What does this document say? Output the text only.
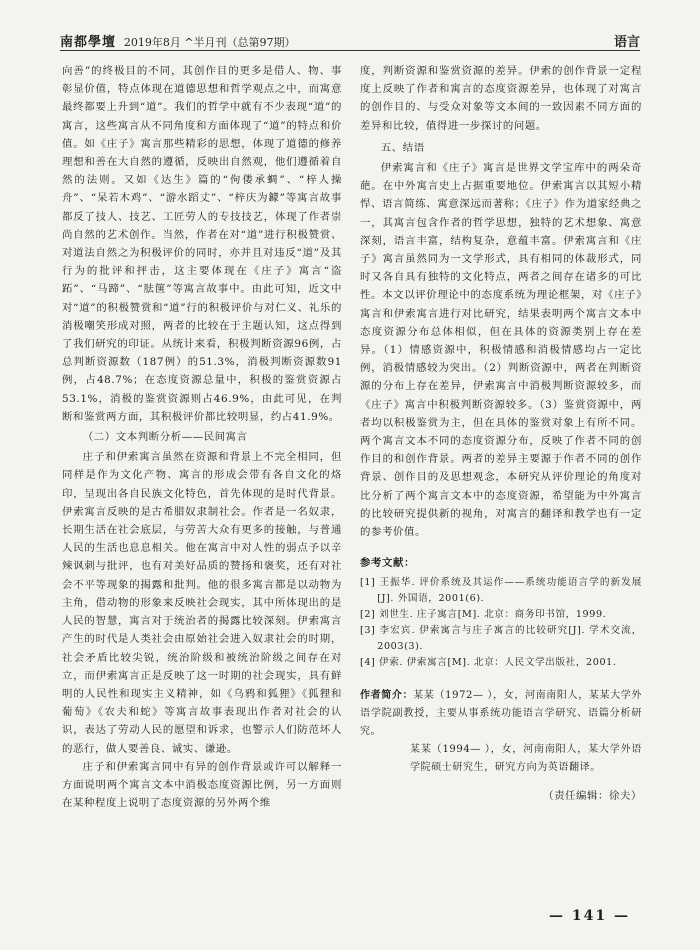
南都學壇 2019年8月 ^半月刊（总第97期）	语言

向善”的终极目的不同，其创作目的更多是借人、物、事彰显价值，特点体现在道德思想和哲学观点之中，而寓意最终都要上升到“道”。我们的哲学中就有不少表现“道”的寓言，这些寓言从不同角度和方面体现了“道”的特点和价值。如《庄子》寓言那些精彩的思想，体现了道德的修养理想和善在大自然的遵循，反映出自然观，他们遵循着自然的法则。又如《达生》篇的“佝偻承蜩”、“梓人操舟”、“呆若木鸡”、“游水蹈丈”、“梓庆为鐻”等寓言故事都反了技人、技艺、工匠劳人的专技技艺，体现了作者崇尚自然的艺术创作。当然，作者在对“道”进行积极赞赏、对道法自然之为积极评价的同时，亦并且对违反“道”及其行为的批评和抨击，这主要体现在《庄子》寓言“盗跖”、“马蹄”、“胠箧”等寓言故事中。由此可知，近文中对“道”的积极赞赏和“道”行的积极评价与对仁义、礼乐的消极嘲笑形成对照，两者的比较在于主题认知，这点得到了我们研究的印证。从统计来看，积极判断资源96例，占总判断资源数（187例）的51.3%，消极判断资源数91例，占48.7%；在态度资源总量中，积极的鉴赏资源占53.1%，消极的鉴赏资源则占46.9%，由此可见，在判断和鉴赏两方面，其积极评价都比较明显，约占41.9%。

（二）文本判断分析——民间寓言

庄子和伊索寓言虽然在资源和背景上不完全相同，但同样是作为文化产物、寓言的形成会带有各自文化的烙印，呈现出各自民族文化特色，首先体现的是时代背景。伊索寓言反映的是古希腊奴隶制社会。作者是一名奴隶，长期生活在社会底层，与劳苦大众有更多的接触，与普通人民的生活也息息相关。他在寓言中对人性的弱点予以辛辣讽刺与批评，也有对美好品质的赞扬和褒奖，还有对社会不平等现象的揭露和批判。他的很多寓言都是以动物为主角，借动物的形象来反映社会现实，其中所体现出的是人民的智慧，寓言对于统治者的揭露比较深刻。伊索寓言产生的时代是人类社会由原始社会进入奴隶社会的时期，社会矛盾比较尖锐，统治阶级和被统治阶级之间存在对立，而伊索寓言正是反映了这一时期的社会现实，具有鲜明的人民性和现实主义精神，如《乌鸦和狐狸》《狐狸和葡萄》《农夫和蛇》等寓言故事表现出作者对社会的认识，表达了劳动人民的愿望和诉求，也警示人们防范坏人的恶行，做人要善良、诚实、谦逊。

庄子和伊索寓言同中有异的创作背景或许可以解释一方面说明两个寓言文本中消极态度资源比例，另一方面则在某种程度上说明了态度资源的另外两个维

度，判断资源和鉴赏资源的差异。伊索的创作背景一定程度上反映了作者和寓言的态度资源差异，也体现了对寓言的创作目的、与受众对象等文本间的一致因素不同方面的差异和比较，值得进一步探讨的问题。

五、结语

伊索寓言和《庄子》寓言是世界文学宝库中的两朵奇葩。在中外寓言史上占据重要地位。伊索寓言以其短小精悍、语言简练、寓意深远而著称；《庄子》作为道家经典之一，其寓言包含作者的哲学思想，独特的艺术想象、寓意深刻，语言丰富，结构复杂，意蕴丰富。伊索寓言和《庄子》寓言虽然同为一文学形式，具有相同的体裁形式，同时又各自具有独特的文化特点，两者之间存在诸多的可比性。本文以评价理论中的态度系统为理论框架，对《庄子》寓言和伊索寓言进行对比研究，结果表明两个寓言文本中态度资源分布总体相似，但在具体的资源类别上存在差异。（1）情感资源中，积极情感和消极情感均占一定比例，消极情感较为突出。（2）判断资源中，两者在判断资源的分布上存在差异，伊索寓言中消极判断资源较多，而《庄子》寓言中积极判断资源较多。（3）鉴赏资源中，两者均以积极鉴赏为主，但在具体的鉴赏对象上有所不同。两个寓言文本不同的态度资源分布，反映了作者不同的创作目的和创作背景。两者的差异主要源于作者不同的创作背景、创作目的及思想观念，本研究从评价理论的角度对比分析了两个寓言文本中的态度资源，希望能为中外寓言的比较研究提供新的视角，对寓言的翻译和教学也有一定的参考价值。

参考文献：
[1] 王振华. 评价系统及其运作——系统功能语言学的新发展[J]. 外国语，2001(6).
[2] 刘世生. 庄子寓言[M]. 北京：商务印书馆，1999.
[3] 李宏宾. 伊索寓言与庄子寓言的比较研究[J]. 学术交流，2003(3).
[4] 伊索. 伊索寓言[M]. 北京：人民文学出版社，2001.
作者简介：某某（1972— ），女，河南南阳人，某某大学外语学院副教授，主要从事系统功能语言学研究、语篇分析研究。
某某（1994— ），女，河南南阳人，某大学外语学院硕士研究生，研究方向为英语翻译。
（责任编辑：徐夫）
— 141 —
